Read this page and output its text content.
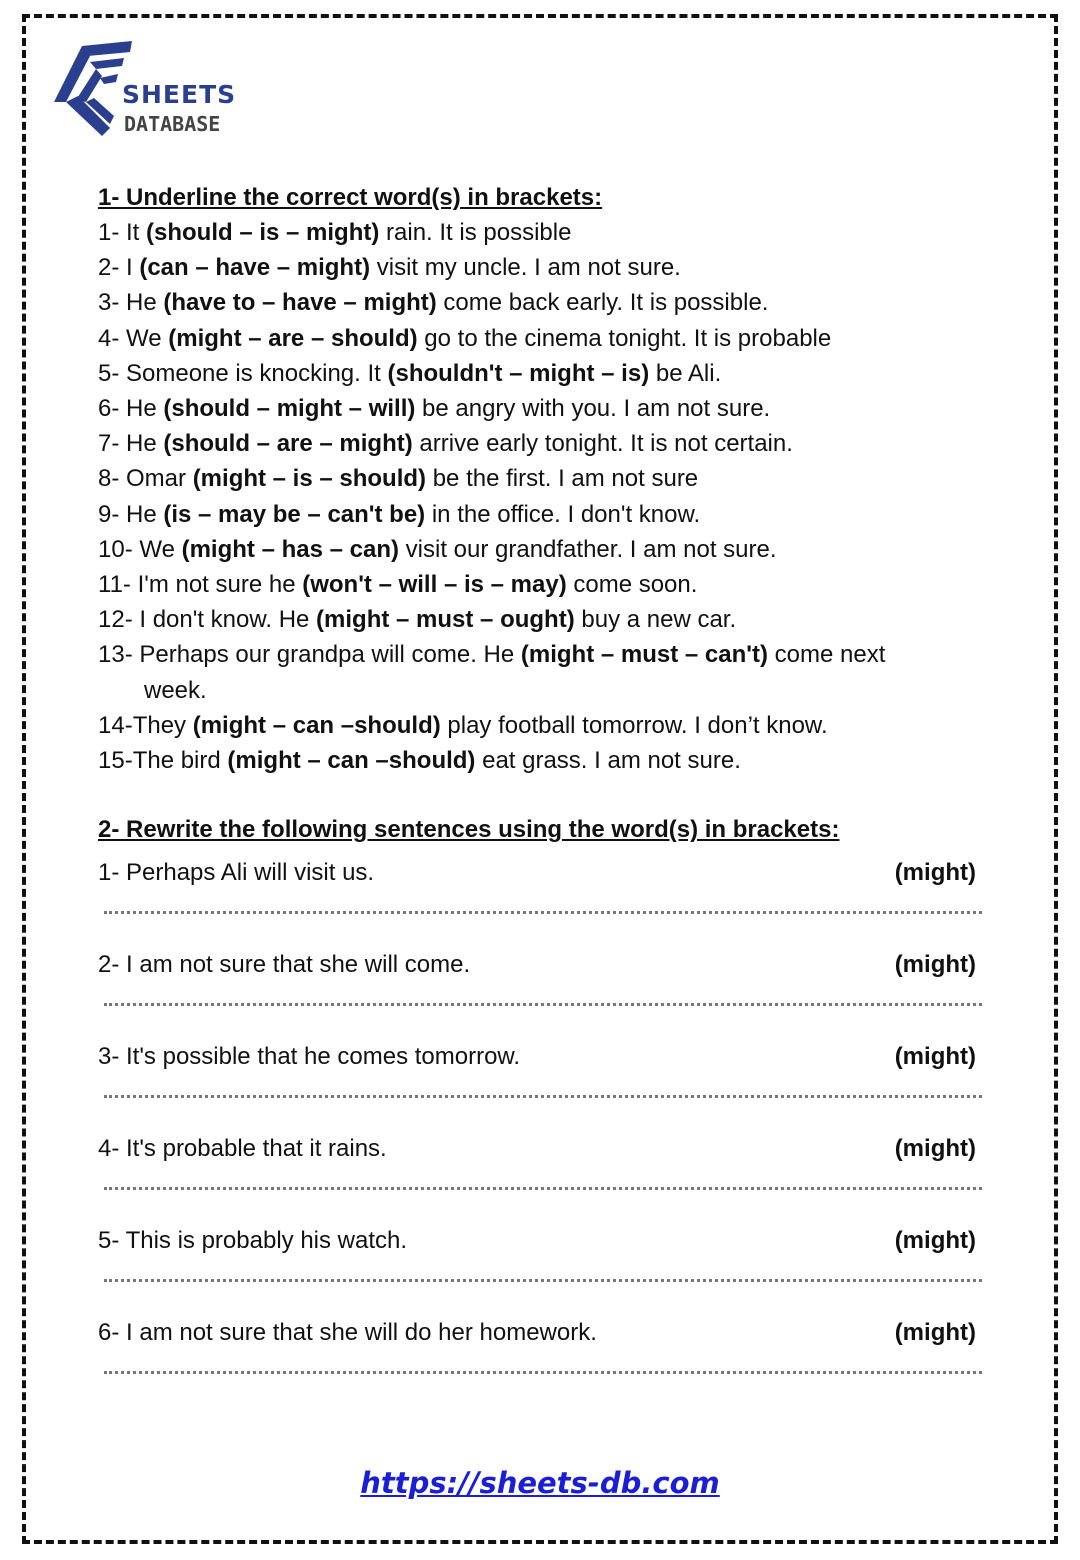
SHEETS
DATABASE

1- Underline the correct word(s) in brackets:

1- It (should – is – might) rain. It is possible

2- I (can – have – might) visit my uncle. I am not sure.

3- He (have to – have – might) come back early. It is possible.

4- We (might – are – should) go to the cinema tonight. It is probable

5- Someone is knocking. It (shouldn't – might – is) be Ali.

6- He (should – might – will) be angry with you. I am not sure.

7- He (should – are – might) arrive early tonight. It is not certain.

8- Omar (might – is – should) be the first. I am not sure

9- He (is – may be – can't be) in the office. I don't know.

10- We (might – has – can) visit our grandfather. I am not sure.

11- I'm not sure he (won't – will – is – may) come soon.

12- I don't know. He (might – must – ought) buy a new car.

13- Perhaps our grandpa will come. He (might – must – can't) come next
week.

14-They (might – can –should) play football tomorrow. I don’t know.

15-The bird (might – can –should) eat grass. I am not sure.

2- Rewrite the following sentences using the word(s) in brackets:

1- Perhaps Ali will visit us.	(might)
2- I am not sure that she will come.	(might)
3- It's possible that he comes tomorrow.	(might)
4- It's probable that it rains.	(might)
5- This is probably his watch.	(might)
6- I am not sure that she will do her homework.	(might)
https://sheets-db.com
